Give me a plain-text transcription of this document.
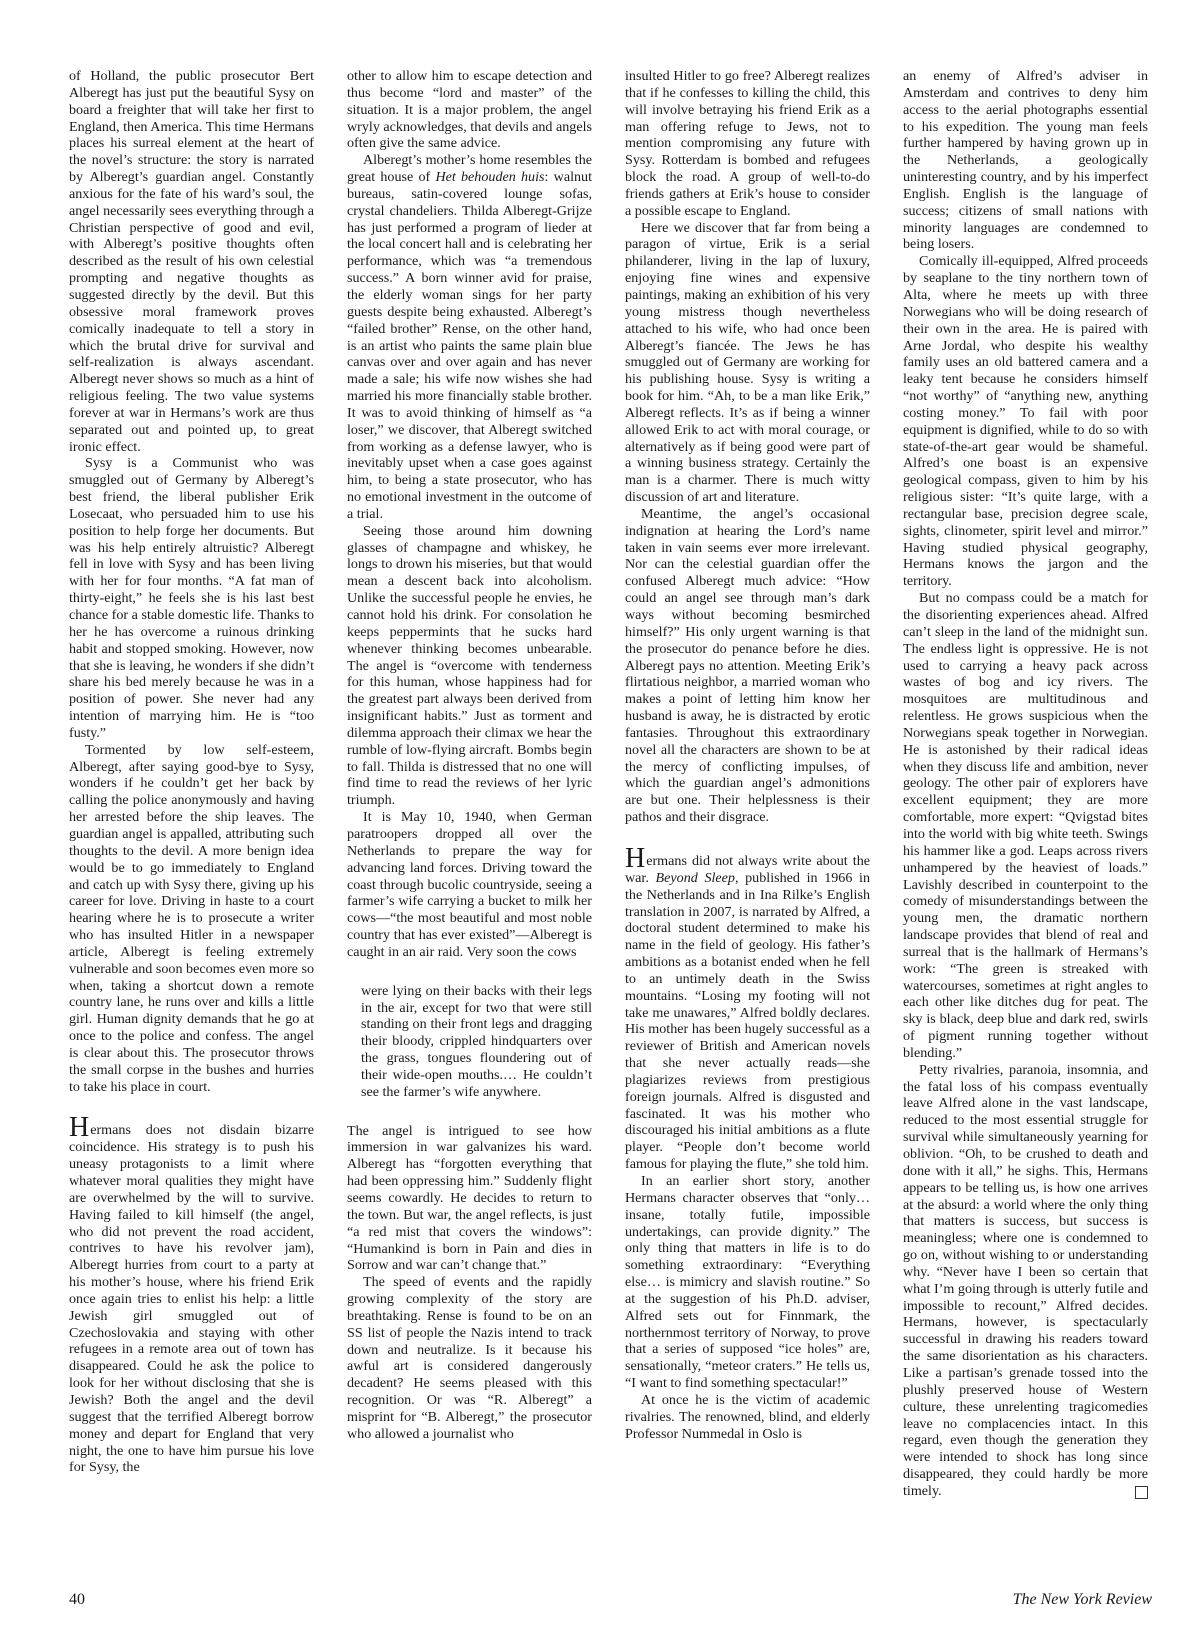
of Holland, the public prosecutor Bert Alberegt has just put the beautiful Sysy on board a freighter that will take her first to England, then America. This time Hermans places his surreal element at the heart of the novel’s structure: the story is narrated by Alberegt’s guardian angel. Constantly anxious for the fate of his ward’s soul, the angel necessarily sees everything through a Christian perspective of good and evil, with Alberegt’s positive thoughts often described as the result of his own celestial prompting and negative thoughts as suggested directly by the devil. But this obsessive moral framework proves comically inadequate to tell a story in which the brutal drive for survival and self-realization is always ascendant. Alberegt never shows so much as a hint of religious feeling. The two value systems forever at war in Hermans’s work are thus separated out and pointed up, to great ironic effect.

Sysy is a Communist who was smuggled out of Germany by Alberegt’s best friend, the liberal publisher Erik Losecaat, who persuaded him to use his position to help forge her documents. But was his help entirely altruistic? Alberegt fell in love with Sysy and has been living with her for four months. “A fat man of thirty-eight,” he feels she is his last best chance for a stable domestic life. Thanks to her he has overcome a ruinous drinking habit and stopped smoking. However, now that she is leaving, he wonders if she didn’t share his bed merely because he was in a position of power. She never had any intention of marrying him. He is “too fusty.”

Tormented by low self-esteem, Alberegt, after saying good-bye to Sysy, wonders if he couldn’t get her back by calling the police anonymously and having her arrested before the ship leaves. The guardian angel is appalled, attributing such thoughts to the devil. A more benign idea would be to go immediately to England and catch up with Sysy there, giving up his career for love. Driving in haste to a court hearing where he is to prosecute a writer who has insulted Hitler in a newspaper article, Alberegt is feeling extremely vulnerable and soon becomes even more so when, taking a shortcut down a remote country lane, he runs over and kills a little girl. Human dignity demands that he go at once to the police and confess. The angel is clear about this. The prosecutor throws the small corpse in the bushes and hurries to take his place in court.

Hermans does not disdain bizarre coincidence. His strategy is to push his uneasy protagonists to a limit where whatever moral qualities they might have are overwhelmed by the will to survive. Having failed to kill himself (the angel, who did not prevent the road accident, contrives to have his revolver jam), Alberegt hurries from court to a party at his mother’s house, where his friend Erik once again tries to enlist his help: a little Jewish girl smuggled out of Czechoslovakia and staying with other refugees in a remote area out of town has disappeared. Could he ask the police to look for her without disclosing that she is Jewish? Both the angel and the devil suggest that the terrified Alberegt borrow money and depart for England that very night, the one to have him pursue his love for Sysy, the

other to allow him to escape detection and thus become “lord and master” of the situation. It is a major problem, the angel wryly acknowledges, that devils and angels often give the same advice.

Alberegt’s mother’s home resembles the great house of Het behouden huis: walnut bureaus, satin-covered lounge sofas, crystal chandeliers. Thilda Alberegt-Grijze has just performed a program of lieder at the local concert hall and is celebrating her performance, which was “a tremendous success.” A born winner avid for praise, the elderly woman sings for her party guests despite being exhausted. Alberegt’s “failed brother” Rense, on the other hand, is an artist who paints the same plain blue canvas over and over again and has never made a sale; his wife now wishes she had married his more financially stable brother. It was to avoid thinking of himself as “a loser,” we discover, that Alberegt switched from working as a defense lawyer, who is inevitably upset when a case goes against him, to being a state prosecutor, who has no emotional investment in the outcome of a trial.

Seeing those around him downing glasses of champagne and whiskey, he longs to drown his miseries, but that would mean a descent back into alcoholism. Unlike the successful people he envies, he cannot hold his drink. For consolation he keeps peppermints that he sucks hard whenever thinking becomes unbearable. The angel is “overcome with tenderness for this human, whose happiness had for the greatest part always been derived from insignificant habits.” Just as torment and dilemma approach their climax we hear the rumble of low-flying aircraft. Bombs begin to fall. Thilda is distressed that no one will find time to read the reviews of her lyric triumph.

It is May 10, 1940, when German paratroopers dropped all over the Netherlands to prepare the way for advancing land forces. Driving toward the coast through bucolic countryside, seeing a farmer’s wife carrying a bucket to milk her cows—“the most beautiful and most noble country that has ever existed”—Alberegt is caught in an air raid. Very soon the cows

were lying on their backs with their legs in the air, except for two that were still standing on their front legs and dragging their bloody, crippled hindquarters over the grass, tongues floundering out of their wide-open mouths.… He couldn’t see the farmer’s wife anywhere.

The angel is intrigued to see how immersion in war galvanizes his ward. Alberegt has “forgotten everything that had been oppressing him.” Suddenly flight seems cowardly. He decides to return to the town. But war, the angel reflects, is just “a red mist that covers the windows”: “Humankind is born in Pain and dies in Sorrow and war can’t change that.”

The speed of events and the rapidly growing complexity of the story are breathtaking. Rense is found to be on an SS list of people the Nazis intend to track down and neutralize. Is it because his awful art is considered dangerously decadent? He seems pleased with this recognition. Or was “R. Alberegt” a misprint for “B. Alberegt,” the prosecutor who allowed a journalist who

insulted Hitler to go free? Alberegt realizes that if he confesses to killing the child, this will involve betraying his friend Erik as a man offering refuge to Jews, not to mention compromising any future with Sysy. Rotterdam is bombed and refugees block the road. A group of well-to-do friends gathers at Erik’s house to consider a possible escape to England.

Here we discover that far from being a paragon of virtue, Erik is a serial philanderer, living in the lap of luxury, enjoying fine wines and expensive paintings, making an exhibition of his very young mistress though nevertheless attached to his wife, who had once been Alberegt’s fiancée. The Jews he has smuggled out of Germany are working for his publishing house. Sysy is writing a book for him. “Ah, to be a man like Erik,” Alberegt reflects. It’s as if being a winner allowed Erik to act with moral courage, or alternatively as if being good were part of a winning business strategy. Certainly the man is a charmer. There is much witty discussion of art and literature.

Meantime, the angel’s occasional indignation at hearing the Lord’s name taken in vain seems ever more irrelevant. Nor can the celestial guardian offer the confused Alberegt much advice: “How could an angel see through man’s dark ways without becoming besmirched himself?” His only urgent warning is that the prosecutor do penance before he dies. Alberegt pays no attention. Meeting Erik’s flirtatious neighbor, a married woman who makes a point of letting him know her husband is away, he is distracted by erotic fantasies. Throughout this extraordinary novel all the characters are shown to be at the mercy of conflicting impulses, of which the guardian angel’s admonitions are but one. Their helplessness is their pathos and their disgrace.

Hermans did not always write about the war. Beyond Sleep, published in 1966 in the Netherlands and in Ina Rilke’s English translation in 2007, is narrated by Alfred, a doctoral student determined to make his name in the field of geology. His father’s ambitions as a botanist ended when he fell to an untimely death in the Swiss mountains. “Losing my footing will not take me unawares,” Alfred boldly declares. His mother has been hugely successful as a reviewer of British and American novels that she never actually reads—she plagiarizes reviews from prestigious foreign journals. Alfred is disgusted and fascinated. It was his mother who discouraged his initial ambitions as a flute player. “People don’t become world famous for playing the flute,” she told him.

In an earlier short story, another Hermans character observes that “only… insane, totally futile, impossible undertakings, can provide dignity.” The only thing that matters in life is to do something extraordinary: “Everything else… is mimicry and slavish routine.” So at the suggestion of his Ph.D. adviser, Alfred sets out for Finnmark, the northernmost territory of Norway, to prove that a series of supposed “ice holes” are, sensationally, “meteor craters.” He tells us, “I want to find something spectacular!”

At once he is the victim of academic rivalries. The renowned, blind, and elderly Professor Nummedal in Oslo is

an enemy of Alfred’s adviser in Amsterdam and contrives to deny him access to the aerial photographs essential to his expedition. The young man feels further hampered by having grown up in the Netherlands, a geologically uninteresting country, and by his imperfect English. English is the language of success; citizens of small nations with minority languages are condemned to being losers.

Comically ill-equipped, Alfred proceeds by seaplane to the tiny northern town of Alta, where he meets up with three Norwegians who will be doing research of their own in the area. He is paired with Arne Jordal, who despite his wealthy family uses an old battered camera and a leaky tent because he considers himself “not worthy” of “anything new, anything costing money.” To fail with poor equipment is dignified, while to do so with state-of-the-art gear would be shameful. Alfred’s one boast is an expensive geological compass, given to him by his religious sister: “It’s quite large, with a rectangular base, precision degree scale, sights, clinometer, spirit level and mirror.” Having studied physical geography, Hermans knows the jargon and the territory.

But no compass could be a match for the disorienting experiences ahead. Alfred can’t sleep in the land of the midnight sun. The endless light is oppressive. He is not used to carrying a heavy pack across wastes of bog and icy rivers. The mosquitoes are multitudinous and relentless. He grows suspicious when the Norwegians speak together in Norwegian. He is astonished by their radical ideas when they discuss life and ambition, never geology. The other pair of explorers have excellent equipment; they are more comfortable, more expert: “Qvigstad bites into the world with big white teeth. Swings his hammer like a god. Leaps across rivers unhampered by the heaviest of loads.” Lavishly described in counterpoint to the comedy of misunderstandings between the young men, the dramatic northern landscape provides that blend of real and surreal that is the hallmark of Hermans’s work: “The green is streaked with watercourses, sometimes at right angles to each other like ditches dug for peat. The sky is black, deep blue and dark red, swirls of pigment running together without blending.”

Petty rivalries, paranoia, insomnia, and the fatal loss of his compass eventually leave Alfred alone in the vast landscape, reduced to the most essential struggle for survival while simultaneously yearning for oblivion. “Oh, to be crushed to death and done with it all,” he sighs. This, Hermans appears to be telling us, is how one arrives at the absurd: a world where the only thing that matters is success, but success is meaningless; where one is condemned to go on, without wishing to or understanding why. “Never have I been so certain that what I’m going through is utterly futile and impossible to recount,” Alfred decides. Hermans, however, is spectacularly successful in drawing his readers toward the same disorientation as his characters. Like a partisan’s grenade tossed into the plushly preserved house of Western culture, these unrelenting tragicomedies leave no complacencies intact. In this regard, even though the generation they were intended to shock has long since disappeared, they could hardly be more timely.

40	The New York Review
